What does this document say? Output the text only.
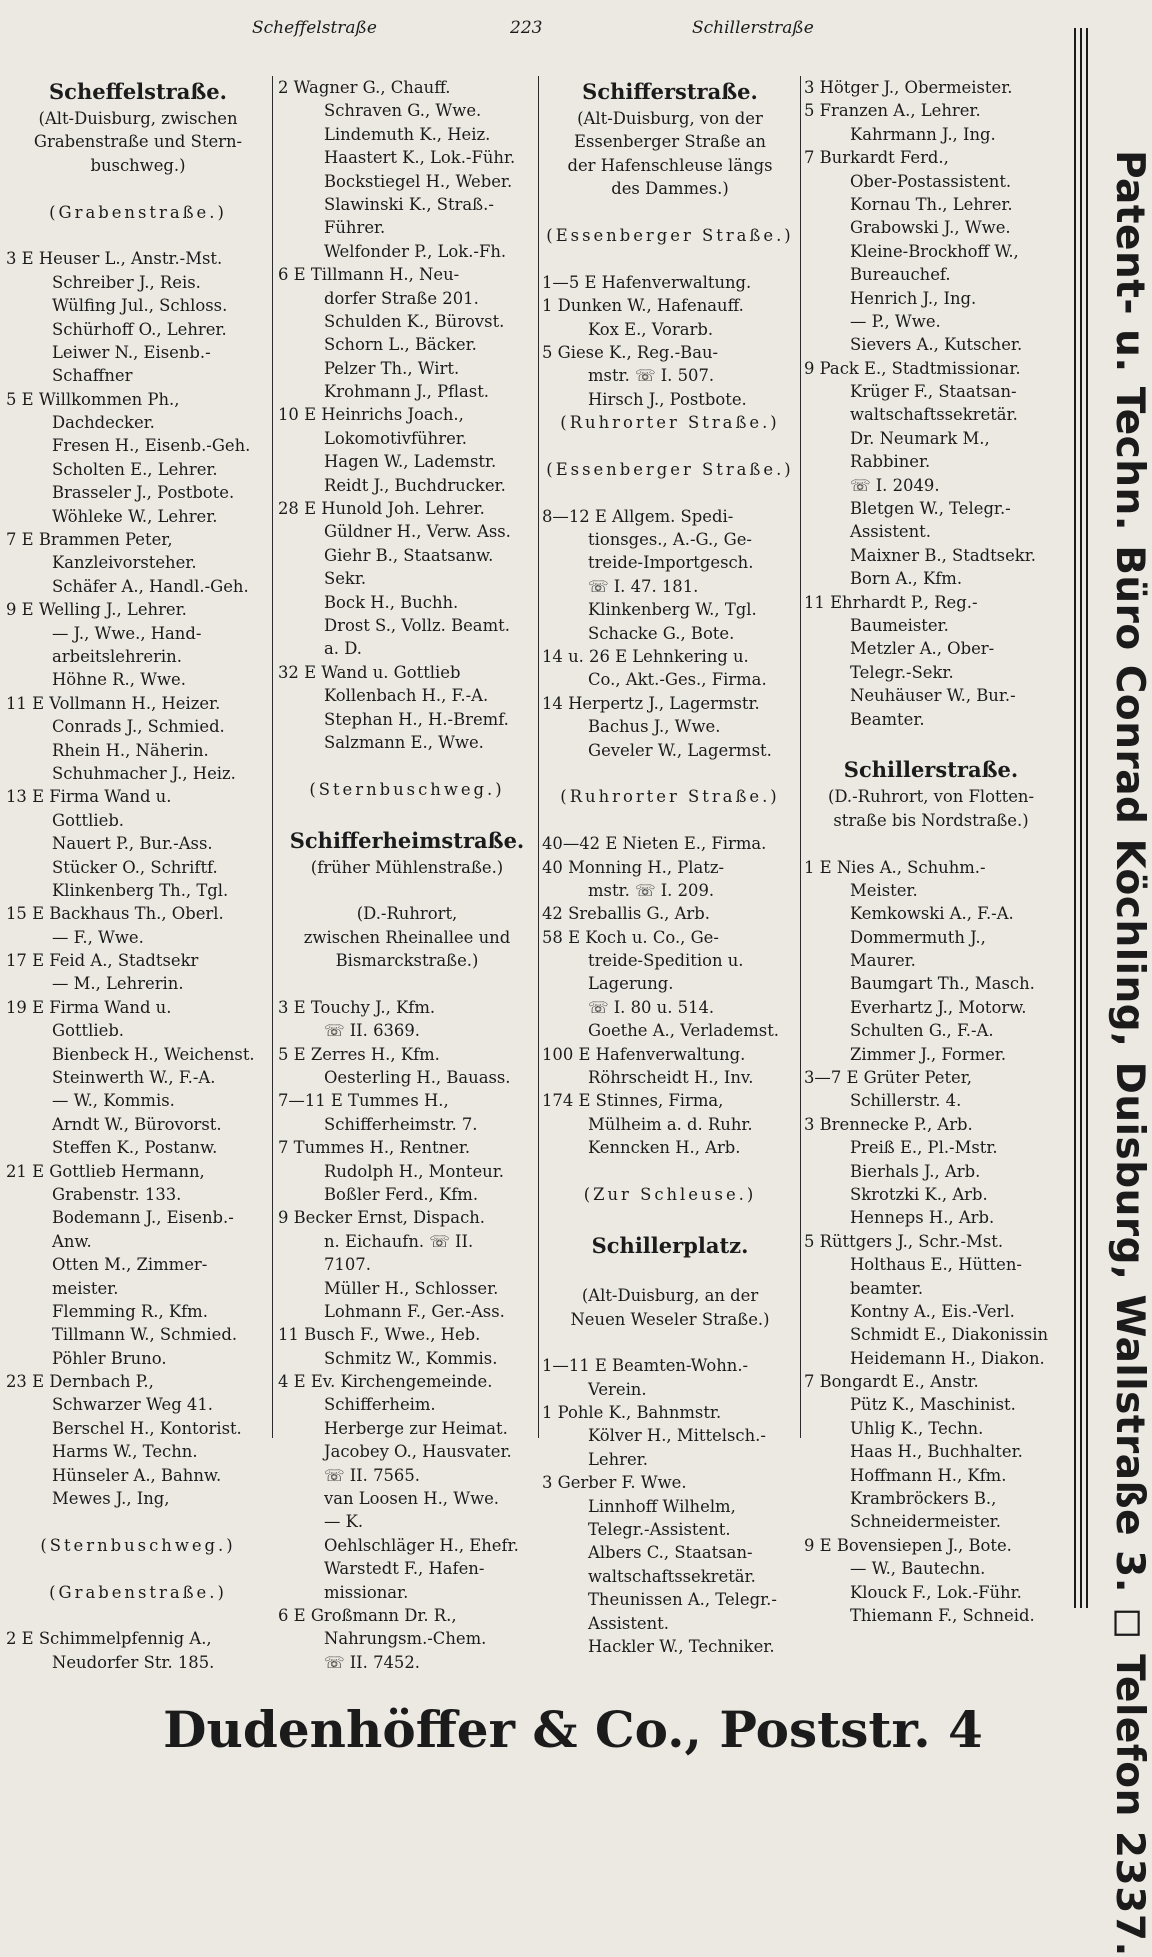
Scheffelstraße	223	Schillerstraße
Scheffelstraße.
(Alt-Duisburg, zwischen
Grabenstraße und Stern-
buschweg.)
(Grabenstraße.)
3 E Heuser L., Anstr.-Mst.
Schreiber J., Reis.
Wülfing Jul., Schloss.
Schürhoff O., Lehrer.
Leiwer N., Eisenb.-
Schaffner
5 E Willkommen Ph.,
Dachdecker.
Fresen H., Eisenb.-Geh.
Scholten E., Lehrer.
Brasseler J., Postbote.
Wöhleke W., Lehrer.
7 E Brammen Peter,
Kanzleivorsteher.
Schäfer A., Handl.-Geh.
9 E Welling J., Lehrer.
— J., Wwe., Hand-
arbeitslehrerin.
Höhne R., Wwe.
11 E Vollmann H., Heizer.
Conrads J., Schmied.
Rhein H., Näherin.
Schuhmacher J., Heiz.
13 E Firma Wand u.
Gottlieb.
Nauert P., Bur.-Ass.
Stücker O., Schriftf.
Klinkenberg Th., Tgl.
15 E Backhaus Th., Oberl.
— F., Wwe.
17 E Feid A., Stadtsekr
— M., Lehrerin.
19 E Firma Wand u.
Gottlieb.
Bienbeck H., Weichenst.
Steinwerth W., F.-A.
— W., Kommis.
Arndt W., Bürovorst.
Steffen K., Postanw.
21 E Gottlieb Hermann,
Grabenstr. 133.
Bodemann J., Eisenb.-
Anw.
Otten M., Zimmer-
meister.
Flemming R., Kfm.
Tillmann W., Schmied.
Pöhler Bruno.
23 E Dernbach P.,
Schwarzer Weg 41.
Berschel H., Kontorist.
Harms W., Techn.
Hünseler A., Bahnw.
Mewes J., Ing,
(Sternbuschweg.)
(Grabenstraße.)
2 E Schimmelpfennig A.,
Neudorfer Str. 185.
2 Wagner G., Chauff.
Schraven G., Wwe.
Lindemuth K., Heiz.
Haastert K., Lok.-Führ.
Bockstiegel H., Weber.
Slawinski K., Straß.-
Führer.
Welfonder P., Lok.-Fh.
6 E Tillmann H., Neu-
dorfer Straße 201.
Schulden K., Bürovst.
Schorn L., Bäcker.
Pelzer Th., Wirt.
Krohmann J., Pflast.
10 E Heinrichs Joach.,
Lokomotivführer.
Hagen W., Lademstr.
Reidt J., Buchdrucker.
28 E Hunold Joh. Lehrer.
Güldner H., Verw. Ass.
Giehr B., Staatsanw.
Sekr.
Bock H., Buchh.
Drost S., Vollz. Beamt.
a. D.
32 E Wand u. Gottlieb
Kollenbach H., F.-A.
Stephan H., H.-Bremf.
Salzmann E., Wwe.
(Sternbuschweg.)
Schifferheimstraße.
(früher Mühlenstraße.)
(D.-Ruhrort,
zwischen Rheinallee und
Bismarckstraße.)
3 E Touchy J., Kfm.
☏ II. 6369.
5 E Zerres H., Kfm.
Oesterling H., Bauass.
7—11 E Tummes H.,
Schifferheimstr. 7.
7 Tummes H., Rentner.
Rudolph H., Monteur.
Boßler Ferd., Kfm.
9 Becker Ernst, Dispach.
n. Eichaufn. ☏ II.
7107.
Müller H., Schlosser.
Lohmann F., Ger.-Ass.
11 Busch F., Wwe., Heb.
Schmitz W., Kommis.
4 E Ev. Kirchengemeinde.
Schifferheim.
Herberge zur Heimat.
Jacobey O., Hausvater.
☏ II. 7565.
van Loosen H., Wwe.
— K.
Oehlschläger H., Ehefr.
Warstedt F., Hafen-
missionar.
6 E Großmann Dr. R.,
Nahrungsm.-Chem.
☏ II. 7452.
Schifferstraße.
(Alt-Duisburg, von der
Essenberger Straße an
der Hafenschleuse längs
des Dammes.)
(Essenberger Straße.)
1—5 E Hafenverwaltung.
1 Dunken W., Hafenauff.
Kox E., Vorarb.
5 Giese K., Reg.-Bau-
mstr. ☏ I. 507.
Hirsch J., Postbote.
(Ruhrorter Straße.)
(Essenberger Straße.)
8—12 E Allgem. Spedi-
tionsges., A.-G., Ge-
treide-Importgesch.
☏ I. 47. 181.
Klinkenberg W., Tgl.
Schacke G., Bote.
14 u. 26 E Lehnkering u.
Co., Akt.-Ges., Firma.
14 Herpertz J., Lagermstr.
Bachus J., Wwe.
Geveler W., Lagermst.
(Ruhrorter Straße.)
40—42 E Nieten E., Firma.
40 Monning H., Platz-
mstr. ☏ I. 209.
42 Sreballis G., Arb.
58 E Koch u. Co., Ge-
treide-Spedition u.
Lagerung.
☏ I. 80 u. 514.
Goethe A., Verlademst.
100 E Hafenverwaltung.
Röhrscheidt H., Inv.
174 E Stinnes, Firma,
Mülheim a. d. Ruhr.
Kenncken H., Arb.
(Zur Schleuse.)
Schillerplatz.
(Alt-Duisburg, an der
Neuen Weseler Straße.)
1—11 E Beamten-Wohn.-
Verein.
1 Pohle K., Bahnmstr.
Kölver H., Mittelsch.-
Lehrer.
3 Gerber F. Wwe.
Linnhoff Wilhelm,
Telegr.-Assistent.
Albers C., Staatsan-
waltschaftssekretär.
Theunissen A., Telegr.-
Assistent.
Hackler W., Techniker.
3 Hötger J., Obermeister.
5 Franzen A., Lehrer.
Kahrmann J., Ing.
7 Burkardt Ferd.,
Ober-Postassistent.
Kornau Th., Lehrer.
Grabowski J., Wwe.
Kleine-Brockhoff W.,
Bureauchef.
Henrich J., Ing.
— P., Wwe.
Sievers A., Kutscher.
9 Pack E., Stadtmissionar.
Krüger F., Staatsan-
waltschaftssekretär.
Dr. Neumark M.,
Rabbiner.
☏ I. 2049.
Bletgen W., Telegr.-
Assistent.
Maixner B., Stadtsekr.
Born A., Kfm.
11 Ehrhardt P., Reg.-
Baumeister.
Metzler A., Ober-
Telegr.-Sekr.
Neuhäuser W., Bur.-
Beamter.
Schillerstraße.
(D.-Ruhrort, von Flotten-
straße bis Nordstraße.)
1 E Nies A., Schuhm.-
Meister.
Kemkowski A., F.-A.
Dommermuth J.,
Maurer.
Baumgart Th., Masch.
Everhartz J., Motorw.
Schulten G., F.-A.
Zimmer J., Former.
3—7 E Grüter Peter,
Schillerstr. 4.
3 Brennecke P., Arb.
Preiß E., Pl.-Mstr.
Bierhals J., Arb.
Skrotzki K., Arb.
Henneps H., Arb.
5 Rüttgers J., Schr.-Mst.
Holthaus E., Hütten-
beamter.
Kontny A., Eis.-Verl.
Schmidt E., Diakonissin
Heidemann H., Diakon.
7 Bongardt E., Anstr.
Pütz K., Maschinist.
Uhlig K., Techn.
Haas H., Buchhalter.
Hoffmann H., Kfm.
Krambröckers B.,
Schneidermeister.
9 E Bovensiepen J., Bote.
— W., Bautechn.
Klouck F., Lok.-Führ.
Thiemann F., Schneid.	Patent- u. Techn. Büro Conrad Köchling, Duisburg, Wallstraße 3. ◻ Telefon 2337.
Dudenhöffer & Co., Poststr. 4
